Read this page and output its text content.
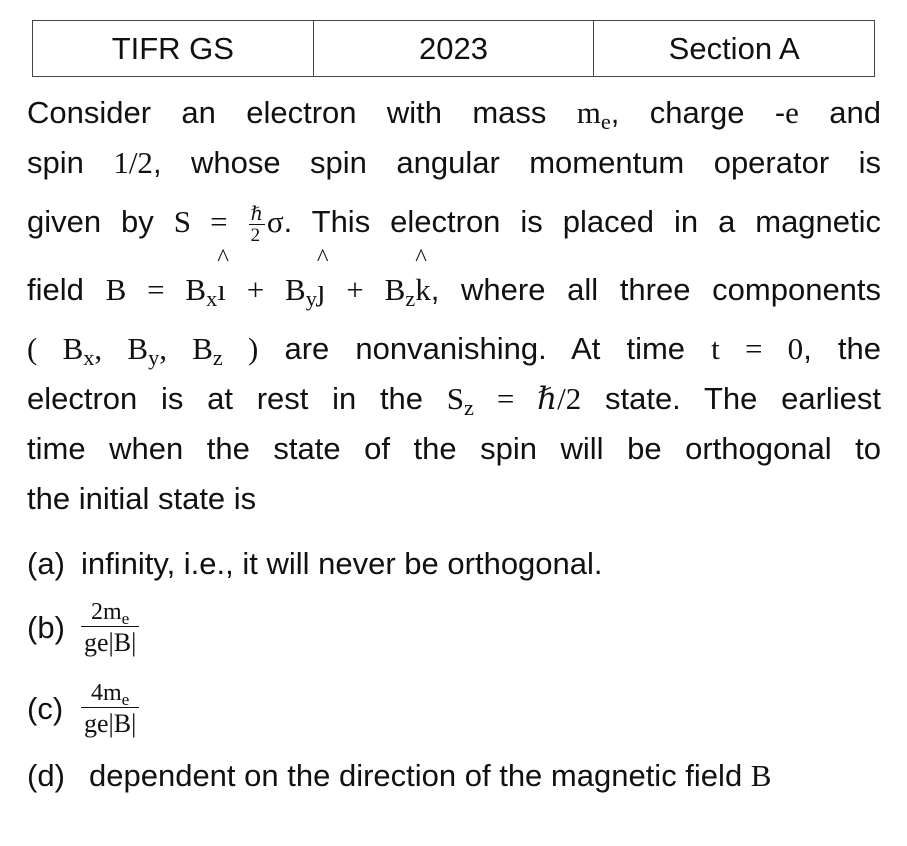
TIFR GS	2023	Section A
Consider an electron with mass $m_e$, charge -e and
spin 1/2, whose spin angular momentum operator is
given by
$S = \frac{\text{ℏ}}{2} \sigma$. This electron is placed in a magnetic
field
$B = B_x$
^
ı + $B_y$
^
ȷ + $B_z$
^
k, where all three components
( $B_x$, $B_y$, $B_z$ ) are nonvanishing. At time t = 0, the
electron is at rest in the $S_z$ = ℏ/2 state. The earliest
time when the state of the spin will be orthogonal to
the initial state is
(a) infinity, i.e., it will never be orthogonal.
(b) $2m_e$
ge|
B|
(c) $4m_e$
ge|
B|
(d) dependent on the direction of the magnetic field
B
